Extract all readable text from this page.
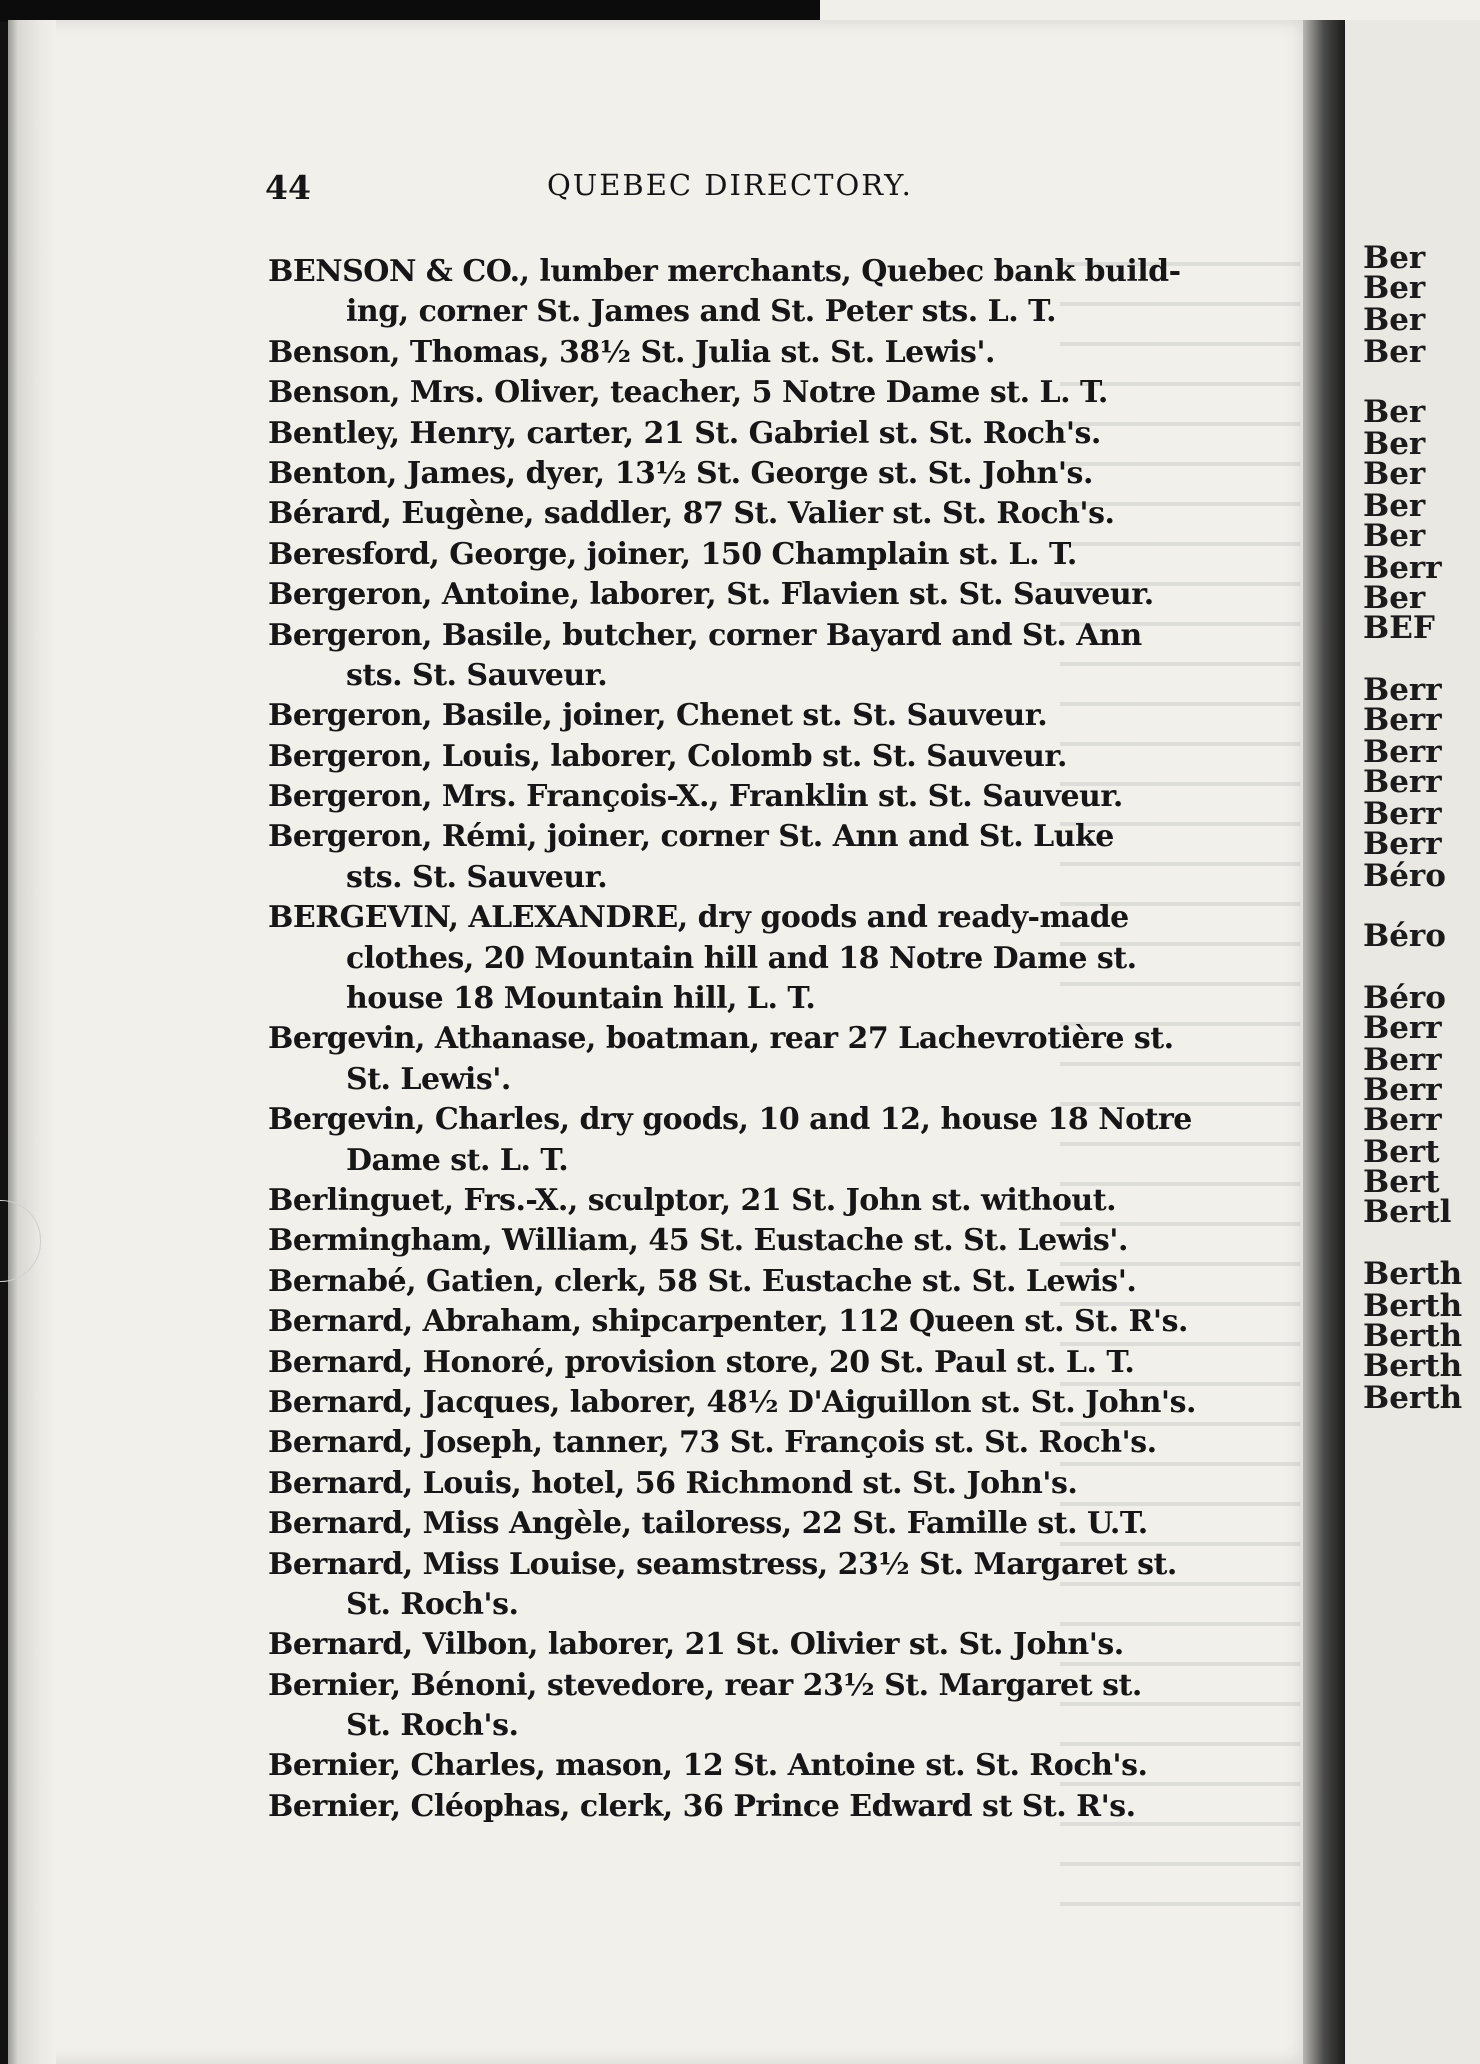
44	QUEBEC DIRECTORY.
BENSON & CO., lumber merchants, Quebec bank build-
ing, corner St. James and St. Peter sts. L. T.
Benson, Thomas, 38½ St. Julia st. St. Lewis'.
Benson, Mrs. Oliver, teacher, 5 Notre Dame st. L. T.
Bentley, Henry, carter, 21 St. Gabriel st. St. Roch's.
Benton, James, dyer, 13½ St. George st. St. John's.
Bérard, Eugène, saddler, 87 St. Valier st. St. Roch's.
Beresford, George, joiner, 150 Champlain st. L. T.
Bergeron, Antoine, laborer, St. Flavien st. St. Sauveur.
Bergeron, Basile, butcher, corner Bayard and St. Ann
sts. St. Sauveur.
Bergeron, Basile, joiner, Chenet st. St. Sauveur.
Bergeron, Louis, laborer, Colomb st. St. Sauveur.
Bergeron, Mrs. François-X., Franklin st. St. Sauveur.
Bergeron, Rémi, joiner, corner St. Ann and St. Luke
sts. St. Sauveur.
BERGEVIN, ALEXANDRE, dry goods and ready-made
clothes, 20 Mountain hill and 18 Notre Dame st.
house 18 Mountain hill, L. T.
Bergevin, Athanase, boatman, rear 27 Lachevrotière st.
St. Lewis'.
Bergevin, Charles, dry goods, 10 and 12, house 18 Notre
Dame st. L. T.
Berlinguet, Frs.-X., sculptor, 21 St. John st. without.
Bermingham, William, 45 St. Eustache st. St. Lewis'.
Bernabé, Gatien, clerk, 58 St. Eustache st. St. Lewis'.
Bernard, Abraham, shipcarpenter, 112 Queen st. St. R's.
Bernard, Honoré, provision store, 20 St. Paul st. L. T.
Bernard, Jacques, laborer, 48½ D'Aiguillon st. St. John's.
Bernard, Joseph, tanner, 73 St. François st. St. Roch's.
Bernard, Louis, hotel, 56 Richmond st. St. John's.
Bernard, Miss Angèle, tailoress, 22 St. Famille st. U.T.
Bernard, Miss Louise, seamstress, 23½ St. Margaret st.
St. Roch's.
Bernard, Vilbon, laborer, 21 St. Olivier st. St. John's.
Bernier, Bénoni, stevedore, rear 23½ St. Margaret st.
St. Roch's.
Bernier, Charles, mason, 12 St. Antoine st. St. Roch's.
Bernier, Cléophas, clerk, 36 Prince Edward st St. R's.
Ber
Ber
Ber
Ber
Ber
Ber
Ber
Ber
Ber
Berr
Ber
BEF
Berr
Berr
Berr
Berr
Berr
Berr
Béro
Béro
Béro
Berr
Berr
Berr
Berr
Bert
Bert
Bertl
Berth
Berth
Berth
Berth
Berth
